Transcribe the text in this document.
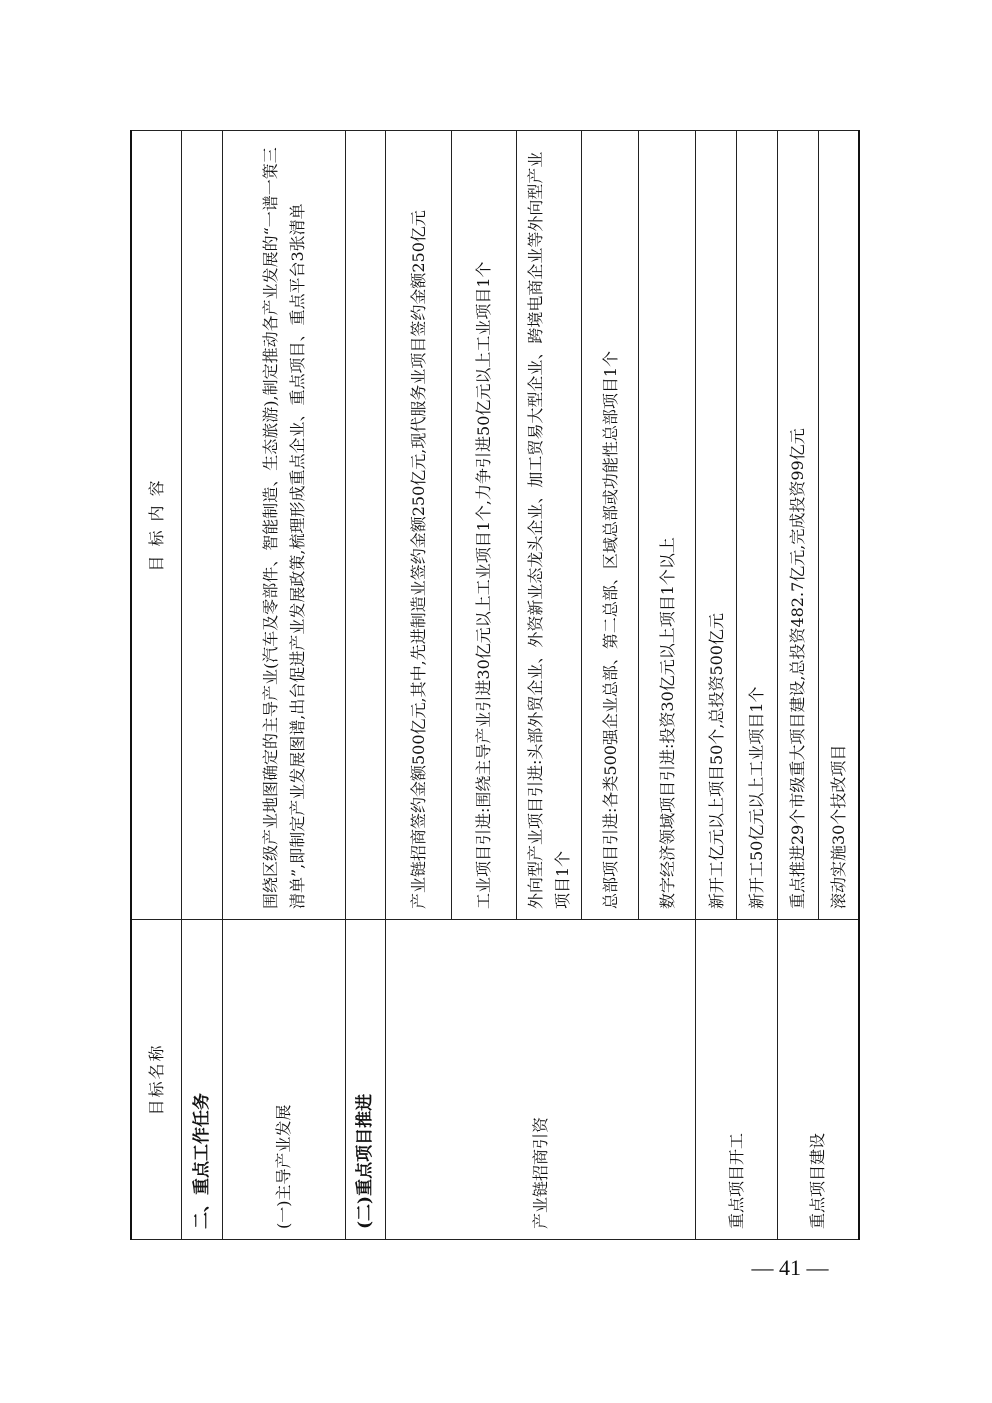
目标名称	目 标 内 容
二、重点工作任务	
(一)主导产业发展	围绕区级产业地图确定的主导产业(汽车及零部件、智能制造、生态旅游),制定推动各产业发展的“一谱一策三清单”,即制定产业发展图谱,出台促进产业发展政策,梳理形成重点企业、重点项目、重点平台3张清单
(二)重点项目推进	
产业链招商引资	产业链招商签约金额500亿元,其中,先进制造业签约金额250亿元,现代服务业项目签约金额250亿元
	工业项目引进:围绕主导产业引进30亿元以上工业项目1个,力争引进50亿元以上工业项目1个
	外向型产业项目引进:头部外贸企业、外资新业态龙头企业、加工贸易大型企业、跨境电商企业等外向型产业项目1个
	总部项目引进:各类500强企业总部、第二总部、区域总部或功能性总部项目1个
	数字经济领域项目引进:投资30亿元以上项目1个以上
重点项目开工	新开工亿元以上项目50个,总投资500亿元
	新开工50亿元以上工业项目1个
重点项目建设	重点推进29个市级重大项目建设,总投资482.7亿元,完成投资99亿元
	滚动实施30个技改项目
— 41 —
